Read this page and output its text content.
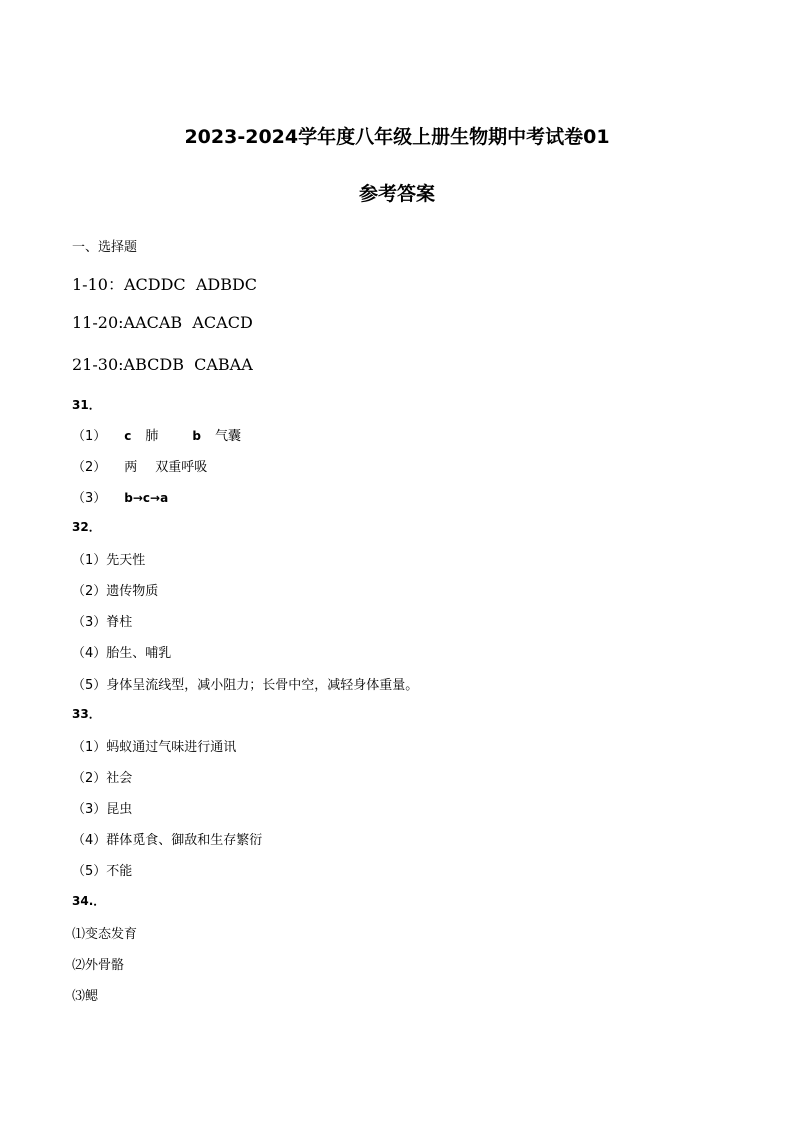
2023-2024学年度八年级上册生物期中考试卷01
参考答案
一、选择题
1-10：ACDDC  ADBDC
11-20:AACAB  ACACD
21-30:ABCDB  CABAA
31．
（1） c 肺	b 气囊
（2） 两 双重呼吸
（3） b→c→a
32．
（1）先天性
（2）遗传物质
（3）脊柱
（4）胎生、哺乳
（5）身体呈流线型，减小阻力；长骨中空，减轻身体重量。
33．
（1）蚂蚁通过气味进行通讯
（2）社会
（3）昆虫
（4）群体觅食、御敌和生存繁衍
（5）不能
34.．
⑴变态发育
⑵外骨骼
⑶鳃
